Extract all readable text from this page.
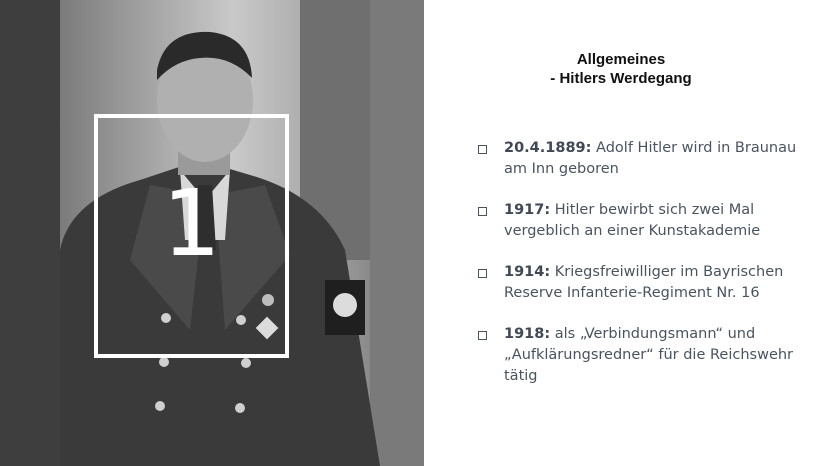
1
Allgemeines
- Hitlers Werdegang
20.4.1889: Adolf Hitler wird in Braunau am Inn geboren
1917: Hitler bewirbt sich zwei Mal vergeblich an einer Kunstakademie
1914: Kriegsfreiwilliger im Bayrischen Reserve Infanterie-Regiment Nr. 16
1918: als „Verbindungsmann“ und „Aufklärungsredner“ für die Reichswehr tätig
